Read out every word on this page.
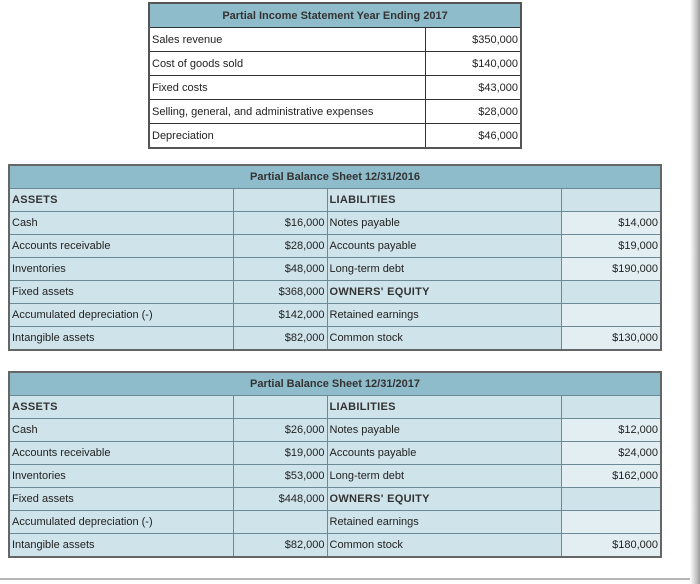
Partial Income Statement Year Ending 2017	
Sales revenue	$350,000
Cost of goods sold	$140,000
Fixed costs	$43,000
Selling, general, and administrative expenses	$28,000
Depreciation	$46,000
Partial Balance Sheet 12/31/2016			
ASSETS		LIABILITIES	
Cash	$16,000	Notes payable	$14,000
Accounts receivable	$28,000	Accounts payable	$19,000
Inventories	$48,000	Long-term debt	$190,000
Fixed assets	$368,000	OWNERS' EQUITY	
Accumulated depreciation (-)	$142,000	Retained earnings	
Intangible assets	$82,000	Common stock	$130,000
Partial Balance Sheet 12/31/2017			
ASSETS		LIABILITIES	
Cash	$26,000	Notes payable	$12,000
Accounts receivable	$19,000	Accounts payable	$24,000
Inventories	$53,000	Long-term debt	$162,000
Fixed assets	$448,000	OWNERS' EQUITY	
Accumulated depreciation (-)		Retained earnings	
Intangible assets	$82,000	Common stock	$180,000
